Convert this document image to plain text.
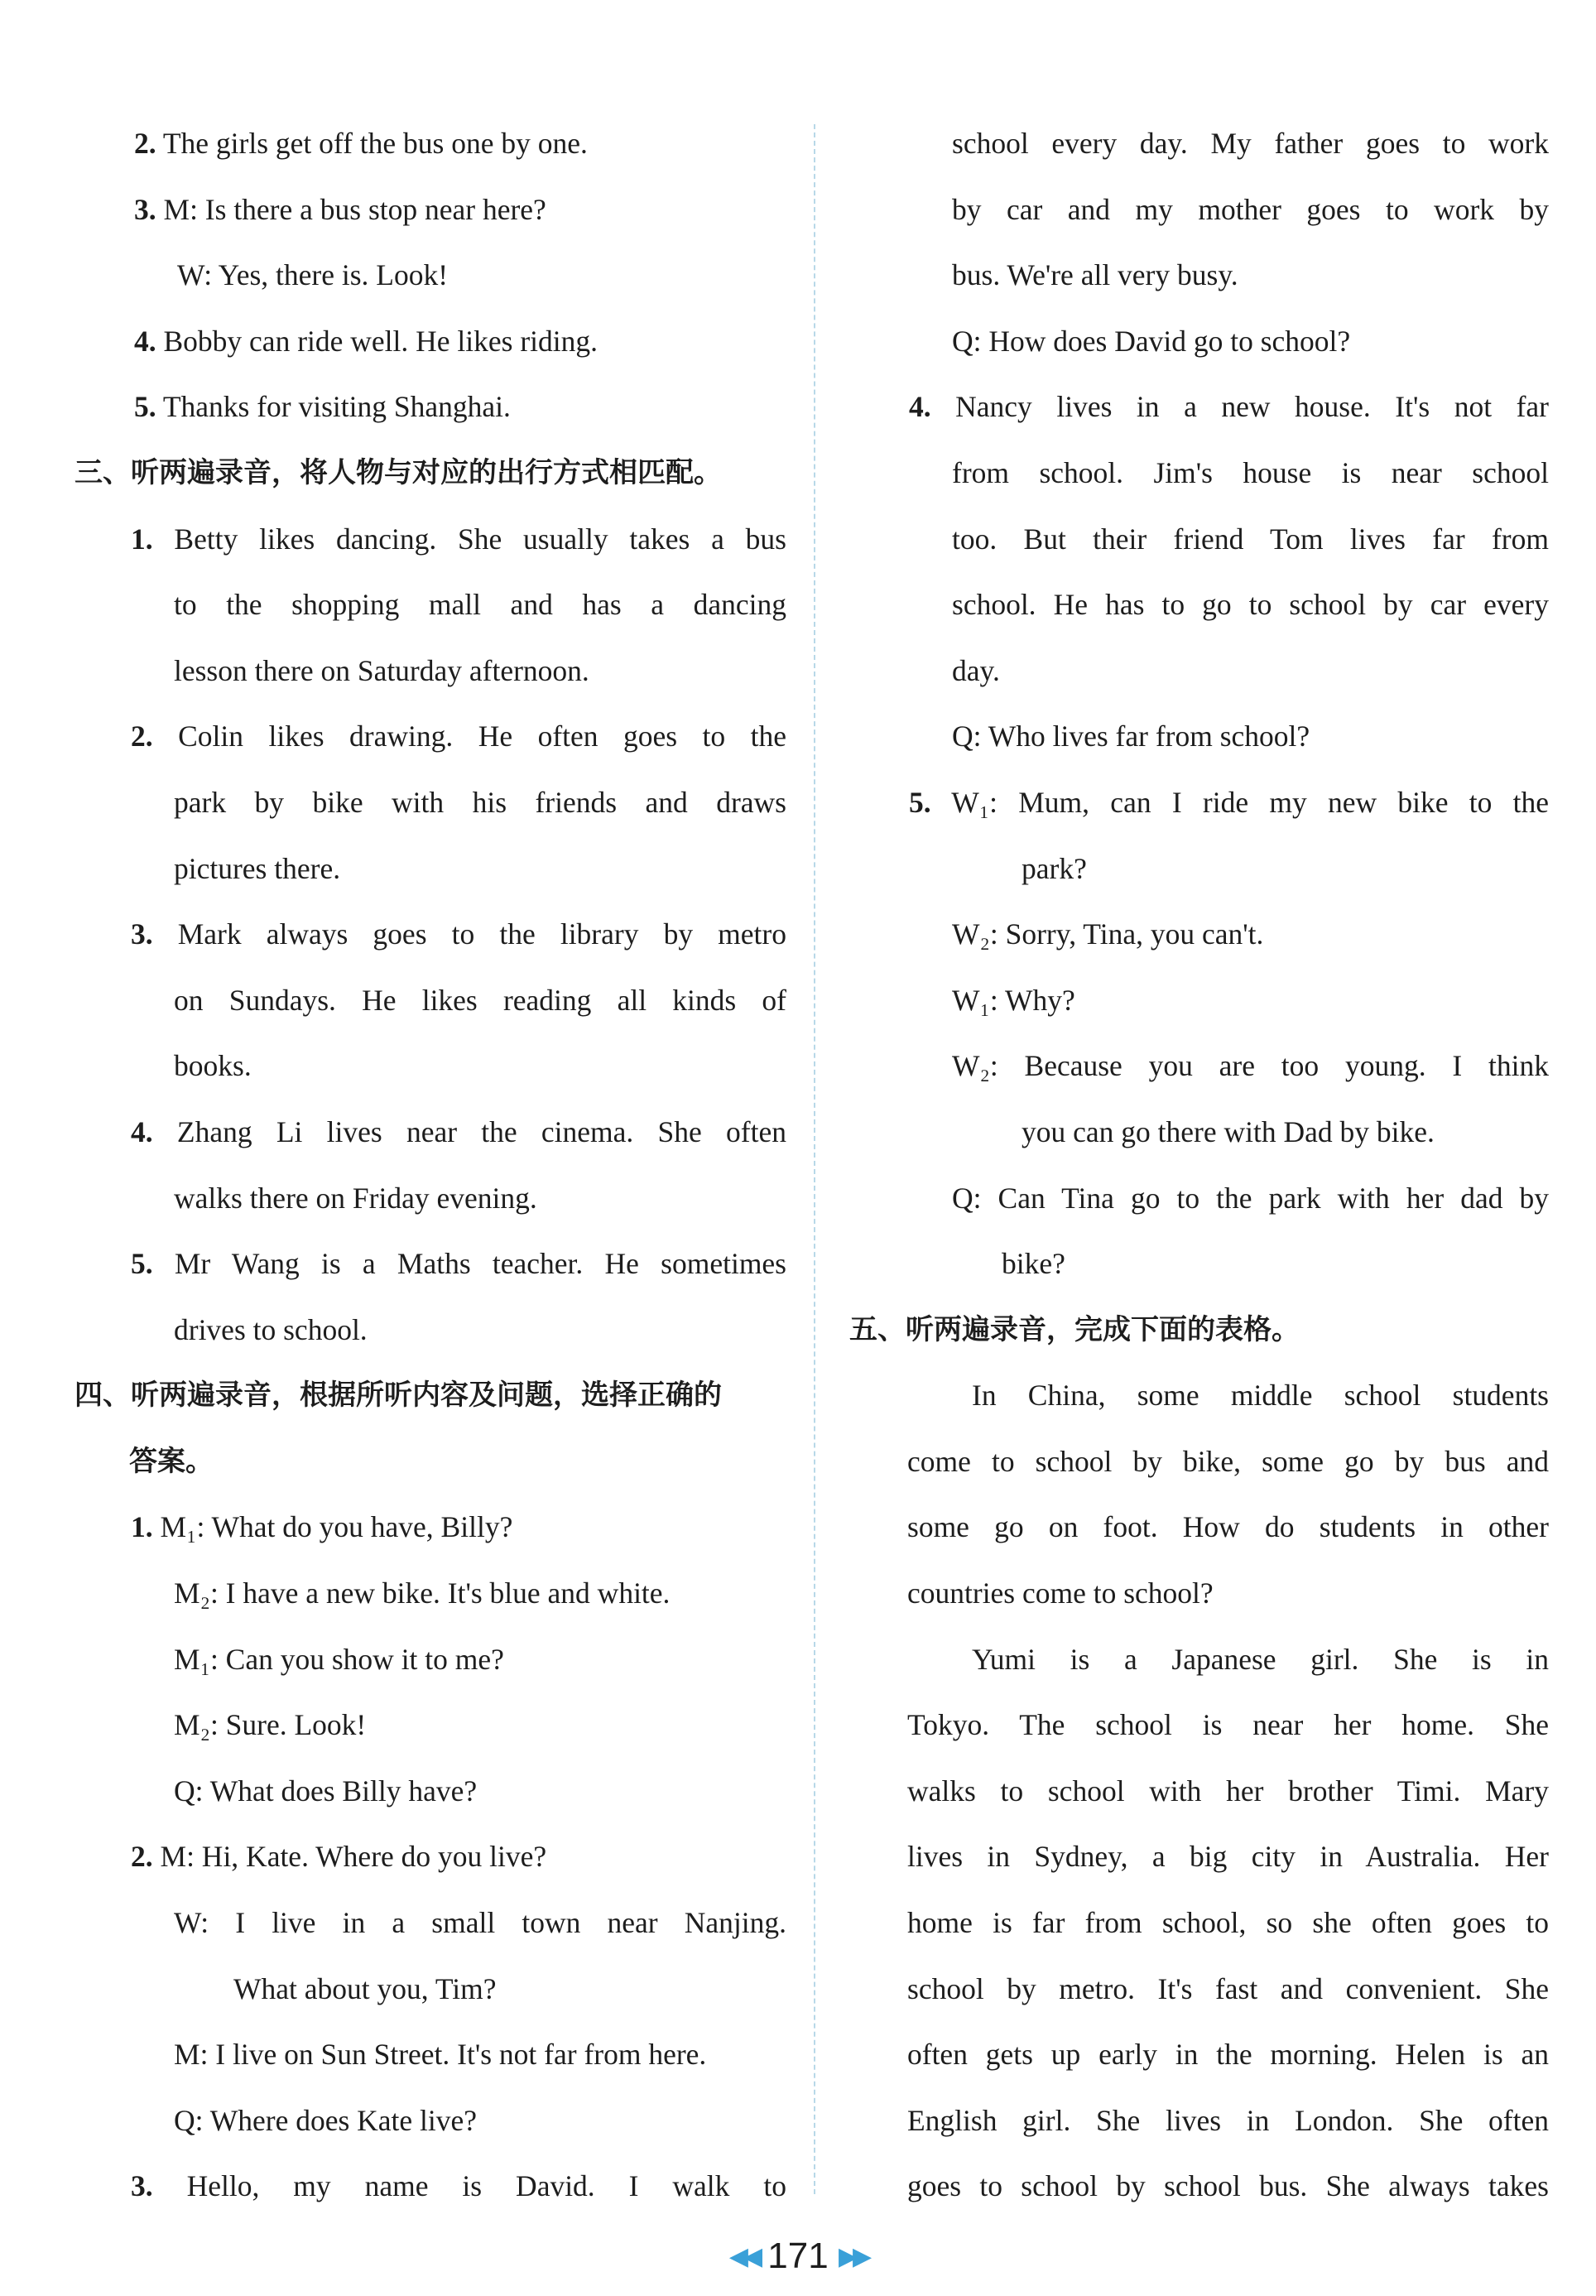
2. The girls get off the bus one by one.
3. M: Is there a bus stop near here?
W: Yes, there is. Look!
4. Bobby can ride well. He likes riding.
5. Thanks for visiting Shanghai.
三、听两遍录音，将人物与对应的出行方式相匹配。
1. Betty likes dancing. She usually takes a bus
to the shopping mall and has a dancing
lesson there on Saturday afternoon.
2. Colin likes drawing. He often goes to the
park by bike with his friends and draws
pictures there.
3. Mark always goes to the library by metro
on Sundays. He likes reading all kinds of
books.
4. Zhang Li lives near the cinema. She often
walks there on Friday evening.
5. Mr Wang is a Maths teacher. He sometimes
drives to school.
四、听两遍录音，根据所听内容及问题，选择正确的
答案。
1. M₁: What do you have, Billy?
M₂: I have a new bike. It's blue and white.
M₁: Can you show it to me?
M₂: Sure. Look!
Q: What does Billy have?
2. M: Hi, Kate. Where do you live?
W: I live in a small town near Nanjing.
What about you, Tim?
M: I live on Sun Street. It's not far from here.
Q: Where does Kate live?
3. Hello, my name is David. I walk to
school every day. My father goes to work
by car and my mother goes to work by
bus. We're all very busy.
Q: How does David go to school?
4. Nancy lives in a new house. It's not far
from school. Jim's house is near school
too. But their friend Tom lives far from
school. He has to go to school by car every
day.
Q: Who lives far from school?
5. W₁: Mum, can I ride my new bike to the
park?
W₂: Sorry, Tina, you can't.
W₁: Why?
W₂: Because you are too young. I think
you can go there with Dad by bike.
Q: Can Tina go to the park with her dad by
bike?
五、听两遍录音，完成下面的表格。
In China, some middle school students
come to school by bike, some go by bus and
some go on foot. How do students in other
countries come to school?
Yumi is a Japanese girl. She is in
Tokyo. The school is near her home. She
walks to school with her brother Timi. Mary
lives in Sydney, a big city in Australia. Her
home is far from school, so she often goes to
school by metro. It's fast and convenient. She
often gets up early in the morning. Helen is an
English girl. She lives in London. She often
goes to school by school bus. She always takes
◀◀ 171 ▶▶
